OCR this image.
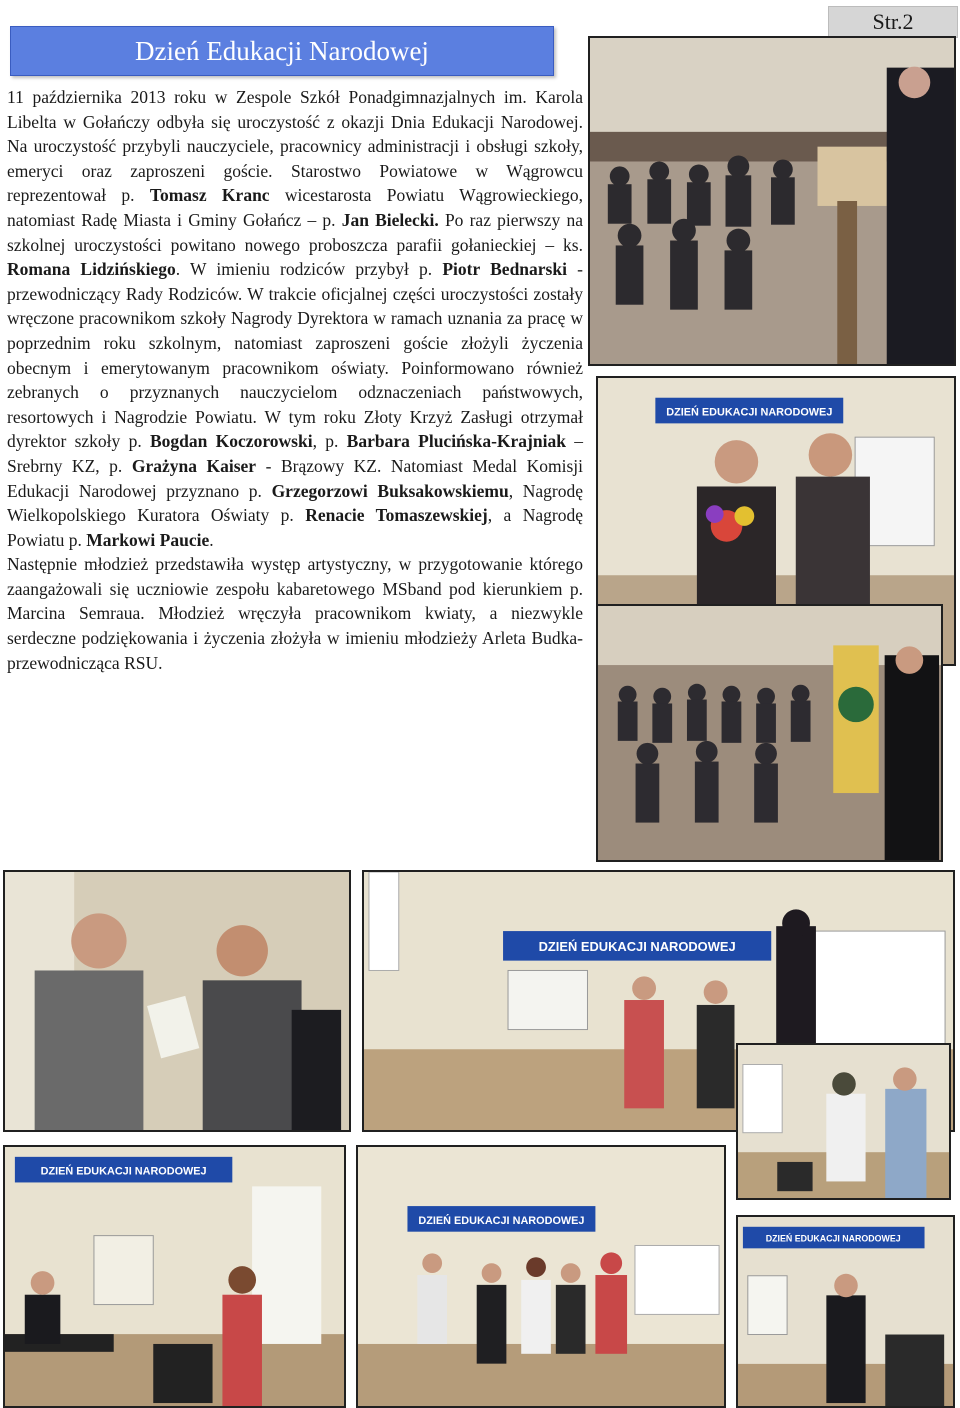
Dzień Edukacji Narodowej
Str.2

11 października 2013 roku w Zespole Szkół Ponadgimnazjalnych im. Karola Libelta w Gołańczy odbyła się uroczystość z okazji Dnia Edukacji Narodowej. Na uroczystość przybyli nauczyciele, pracownicy administracji i obsługi szkoły, emeryci oraz zaproszeni goście. Starostwo Powiatowe w Wągrowcu reprezentował p. Tomasz Kranc wicestarosta Powiatu Wągrowieckiego, natomiast Radę Miasta i Gminy Gołańcz – p. Jan Bielecki. Po raz pierwszy na szkolnej uroczystości powitano nowego proboszcza parafii gołanieckiej – ks. Romana Lidzińskiego. W imieniu rodziców przybył p. Piotr Bednarski - przewodniczący Rady Rodziców. W trakcie oficjalnej części uroczystości zostały wręczone pracownikom szkoły Nagrody Dyrektora w ramach uznania za pracę w poprzednim roku szkolnym, natomiast zaproszeni goście złożyli życzenia obecnym i emerytowanym pracownikom oświaty. Poinformowano również zebranych o przyznanych nauczycielom odznaczeniach państwowych, resortowych i Nagrodzie Powiatu. W tym roku Złoty Krzyż Zasługi otrzymał dyrektor szkoły p. Bogdan Koczorowski, p. Barbara Plucińska-Krajniak – Srebrny KZ, p. Grażyna Kaiser - Brązowy KZ. Natomiast Medal Komisji Edukacji Narodowej przyznano p. Grzegorzowi Buksakowskiemu, Nagrodę Wielkopolskiego Kuratora Oświaty p. Renacie Tomaszewskiej, a Nagrodę Powiatu p. Markowi Paucie.

Następnie młodzież przedstawiła występ artystyczny, w przygotowanie którego zaangażowali się uczniowie zespołu kabaretowego MSband pod kierunkiem p. Marcina Semraua. Młodzież wręczyła pracownikom kwiaty, a niezwykle serdeczne podziękowania i życzenia złożyła w imieniu młodzieży Arleta Budka- przewodnicząca RSU.

DZIEŃ EDUKACJI NARODOWEJ
DZIEŃ EDUKACJI NARODOWEJ
DZIEŃ EDUKACJI NARODOWEJ
DZIEŃ EDUKACJI NARODOWEJ
DZIEŃ EDUKACJI NARODOWEJ
